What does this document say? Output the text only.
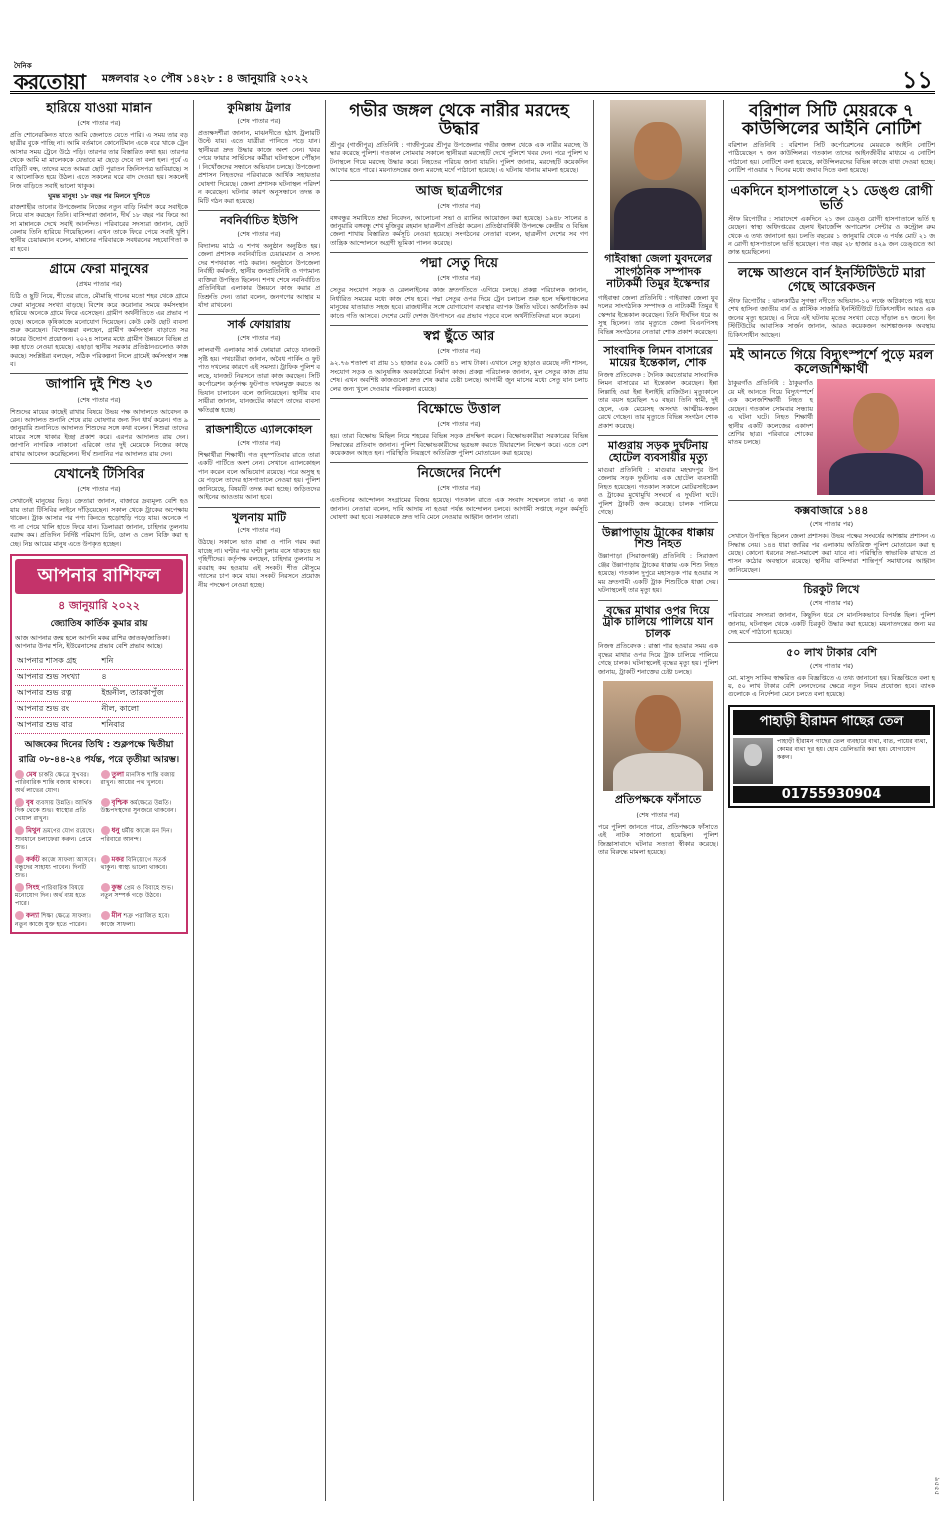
দৈনিক
করতোয়া মঙ্গলবার ২০ পৌষ ১৪২৮ : ৪ জানুয়ারি ২০২২	১১
হারিয়ে যাওয়া মান্নান
(শেষ পাতার পর)

প্রতি শোনেরকিনত যাতে আমি জেলাতে যেতে পারি। এ সময় তার বড় ছাত্রীর বুকে পাচ্ছি না। আমি বর্তমানে কোনেটিমান একে বরে খাকে ট্রেন আসার সময় ট্রেনে উঠে পড়ি। তারপর তার বিস্তারিত কথা হয়। তারপর থেকে আমি মা মালেককে যেভাবে মা ছেড়ে দেবে তা বলা হল। পূর্বে এ বাড়িটি বন্ধ, তাদের মতে আমরা ছোট পুরাতন জিনিসপত্র ভাবিয়াছে। সব আলোকিত হয়ে উঠল। এতে সকলের ঘরে বাদ দেওয়া হয়। সকলেই নিজ বাড়িতে সবাই ভালো থাকুক।

ঘুমন্ত মানুষ! ১৮ বছর পর মিলনে খুশিতে

রাজশাহীর তানোর উপজেলায় নিজের নতুন বাড়ি নির্মাণ করে সবাইকে নিয়ে বাস করছেন তিনি। বাসিন্দারা জানান, দীর্ঘ ১৮ বছর পর ফিরে আসা মান্নানকে দেখে সবাই আনন্দিত। পরিবারের সদস্যরা জানান, ছোটবেলায় তিনি হারিয়ে গিয়েছিলেন। এখন তাকে ফিরে পেয়ে সবাই খুশি। স্থানীয় চেয়ারম্যান বলেন, মান্নানের পরিবারকে সবধরনের সহযোগিতা করা হবে।

গ্রামে ফেরা মানুষের
(প্রথম পাতার পর)

চিঠি ও ছুটি নিয়ে, শীতের রাতে, মৌমাছি গানের মতো শহর থেকে গ্রামে ফেরা মানুষের সংখ্যা বাড়ছে। বিশেষ করে করোনার সময়ে কর্মসংস্থান হারিয়ে অনেকে গ্রামে ফিরে এসেছেন। গ্রামীণ অর্থনীতিতে এর প্রভাব পড়ছে। অনেকে কৃষিকাজে মনোযোগ দিয়েছেন। কেউ কেউ ছোট ব্যবসা শুরু করেছেন। বিশেষজ্ঞরা বলছেন, গ্রামীণ কর্মসংস্থান বাড়াতে সরকারের উদ্যোগ প্রয়োজন। ২০২৪ সালের মধ্যে গ্রামীণ উন্নয়নে বিভিন্ন প্রকল্প হাতে নেওয়া হয়েছে। এছাড়া স্থানীয় সরকার প্রতিষ্ঠানগুলোও কাজ করছে। সংশ্লিষ্টরা বলছেন, সঠিক পরিকল্পনা নিলে গ্রামেই কর্মসংস্থান সম্ভব।

জাপানি দুই শিশু ২৩
(শেষ পাতার পর)

শিশুদের মায়ের কাছেই রাখার বিষয়ে উভয় পক্ষ আদালতে আবেদন করেন। আদালত শুনানি শেষে রায় ঘোষণার জন্য দিন ধার্য করেন। গত ৯ জানুয়ারি শুনানিতে আদালত শিশুদের সঙ্গে কথা বলেন। শিশুরা তাদের মায়ের সঙ্গে থাকার ইচ্ছা প্রকাশ করে। এরপর আদালত রায় দেন। জাপানি নাগরিক নাকানো এরিকো তার দুই মেয়েকে নিজের কাছে রাখার আবেদন করেছিলেন। দীর্ঘ শুনানির পর আদালত রায় দেন।

যেখানেই টিসিবির
(শেষ পাতার পর)

সেখানেই মানুষের ভিড়। ক্রেতারা জানান, বাজারে দ্রব্যমূল্য বেশি হওয়ায় তারা টিসিবির লাইনে দাঁড়িয়েছেন। সকাল থেকে ট্রাকের অপেক্ষায় থাকেন। ট্রাক আসার পর পণ্য কিনতে হুড়োহুড়ি পড়ে যায়। অনেকে পণ্য না পেয়ে খালি হাতে ফিরে যান। ডিলাররা জানান, চাহিদার তুলনায় বরাদ্দ কম। প্রতিদিন নির্দিষ্ট পরিমাণ চিনি, ডাল ও তেল বিক্রি করা হচ্ছে। নিম্ন আয়ের মানুষ এতে উপকৃত হচ্ছেন।

আপনার রাশিফল
৪ জানুয়ারি ২০২২
জ্যোতিষ কার্তিক কুমার রায়

আজ আপনার জন্ম হলে আপনি মকর রাশির জাতক/জাতিকা। আপনার উপর শনি, ইউরেনাসের প্রভাব বেশি প্রভাব আছে।

আপনার শাসক গ্রহ	শনি
আপনার শুভ সংখ্যা	৪
আপনার শুভ রত্ন	ইন্দ্রনীল, তারকাপুঁজ
আপনার শুভ রং	নীল, কালো
আপনার শুভ বার	শনিবার
আজকের দিনের তিথি : শুক্লপক্ষে দ্বিতীয়া রাত্রি ০৮-৪৪-২৪ পর্যন্ত, পরে তৃতীয়া আরম্ভ।
মেষ চাকরি ক্ষেত্রে সুখবর। পারিবারিক শান্তি বজায় থাকবে। অর্থ লাভের যোগ।
তুলা মানসিক শান্তি বজায় রাখুন। আয়ের পথ খুলবে।
বৃষ ব্যবসায় উন্নতি। আর্থিক দিক থেকে শুভ। স্বাস্থ্যের প্রতি খেয়াল রাখুন।
বৃশ্চিক কর্মক্ষেত্রে উন্নতি। উচ্চপদস্থদের সুনজরে থাকবেন।
মিথুন ভ্রমণের যোগ রয়েছে। সাবধানে চলাফেরা করুন। প্রেমে শুভ।
ধনু ধর্মীয় কাজে মন দিন। পরিবারে আনন্দ।
কর্কট কাজে সাফল্য আসবে। বন্ধুদের সাহায্য পাবেন। দিনটি শুভ।
মকর বিনিয়োগে সতর্ক থাকুন। স্বাস্থ্য ভালো থাকবে।
সিংহ পারিবারিক বিষয়ে মনোযোগ দিন। অর্থ ব্যয় হতে পারে।
কুম্ভ প্রেম ও বিবাহে শুভ। নতুন সম্পর্ক গড়ে উঠবে।
কন্যা শিক্ষা ক্ষেত্রে সাফল্য। নতুন কাজে যুক্ত হতে পারেন।
মীন শত্রু পরাজিত হবে। কাজে সাফল্য।
কুমিল্লায় ট্রলার
(শেষ পাতার পর)

প্রত্যক্ষদর্শীরা জানান, মাঝনদীতে হঠাৎ ট্রলারটি উল্টে যায়। এতে যাত্রীরা পানিতে পড়ে যান। স্থানীয়রা দ্রুত উদ্ধার কাজে অংশ নেন। খবর পেয়ে ফায়ার সার্ভিসের কর্মীরা ঘটনাস্থলে পৌঁছান। নিখোঁজদের সন্ধানে অভিযান চলছে। উপজেলা প্রশাসন নিহতদের পরিবারকে আর্থিক সহায়তার ঘোষণা দিয়েছে। জেলা প্রশাসক ঘটনাস্থল পরিদর্শন করেছেন। ঘটনার কারণ অনুসন্ধানে তদন্ত কমিটি গঠন করা হয়েছে।

নবনির্বাচিত ইউপি
(শেষ পাতার পর)

বিদ্যালয় মাঠে এ শপথ অনুষ্ঠান অনুষ্ঠিত হয়। জেলা প্রশাসক নবনির্বাচিত চেয়ারম্যান ও সদস্যদের শপথবাক্য পাঠ করান। অনুষ্ঠানে উপজেলা নির্বাহী কর্মকর্তা, স্থানীয় জনপ্রতিনিধি ও গণ্যমান্য ব্যক্তিরা উপস্থিত ছিলেন। শপথ শেষে নবনির্বাচিত প্রতিনিধিরা এলাকার উন্নয়নে কাজ করার প্রতিশ্রুতি দেন। তারা বলেন, জনগণের আস্থার মর্যাদা রাখবেন।

সার্ক ফোয়ারায়
(শেষ পাতার পর)

লালবাগী এলাকার সার্ক ফোয়ারা মোড়ে যানজট সৃষ্টি হয়। পথচারীরা জানান, অবৈধ পার্কিং ও ফুটপাত দখলের কারণে এই সমস্যা। ট্রাফিক পুলিশ বলছে, যানজট নিরসনে তারা কাজ করছেন। সিটি কর্পোরেশন কর্তৃপক্ষ ফুটপাত দখলমুক্ত করতে অভিযান চালাবেন বলে জানিয়েছেন। স্থানীয় ব্যবসায়ীরা জানান, যানজটের কারণে তাদের ব্যবসা ক্ষতিগ্রস্ত হচ্ছে।

রাজশাহীতে এ্যালকোহল
(শেষ পাতার পর)

শিক্ষার্থীরা শিক্ষার্থী। গত বৃহস্পতিবার রাতে তারা একটি পার্টিতে অংশ নেন। সেখানে এ্যালকোহল পান করেন বলে অভিযোগ রয়েছে। পরে অসুস্থ হয়ে পড়লে তাদের হাসপাতালে নেওয়া হয়। পুলিশ জানিয়েছে, বিষয়টি তদন্ত করা হচ্ছে। জড়িতদের আইনের আওতায় আনা হবে।

খুলনায় মাটি
(শেষ পাতার পর)

উঠছে। সকালে ভাত রান্না ও পানি গরম করা যাচ্ছে না। ঘণ্টার পর ঘণ্টা চুলায় বসে থাকতে হয় গৃহিণীদের। কর্তৃপক্ষ বলছেন, চাহিদার তুলনায় সরবরাহ কম হওয়ায় এই সংকট। শীত মৌসুমে গ্যাসের চাপ কমে যায়। সংকট নিরসনে প্রয়োজনীয় পদক্ষেপ নেওয়া হচ্ছে।

গভীর জঙ্গল থেকে নারীর মরদেহ উদ্ধার

শ্রীপুর (গাজীপুর) প্রতিনিধি : গাজীপুরের শ্রীপুর উপজেলার গভীর জঙ্গল থেকে এক নারীর মরদেহ উদ্ধার করেছে পুলিশ। গতকাল সোমবার সকালে স্থানীয়রা মরদেহটি দেখে পুলিশে খবর দেন। পরে পুলিশ ঘটনাস্থলে গিয়ে মরদেহ উদ্ধার করে। নিহতের পরিচয় জানা যায়নি। পুলিশ জানায়, মরদেহটি কয়েকদিন আগের হতে পারে। ময়নাতদন্তের জন্য মরদেহ মর্গে পাঠানো হয়েছে। এ ঘটনায় থানায় মামলা হয়েছে।

আজ ছাত্রলীগের
(শেষ পাতার পর)

বঙ্গবন্ধুর সমাধিতে শ্রদ্ধা নিবেদন, আলোচনা সভা ও র‍্যালির আয়োজন করা হয়েছে। ১৯৪৮ সালের ৪ জানুয়ারি বঙ্গবন্ধু শেখ মুজিবুর রহমান ছাত্রলীগ প্রতিষ্ঠা করেন। প্রতিষ্ঠাবার্ষিকী উপলক্ষে কেন্দ্রীয় ও বিভিন্ন জেলা শাখায় বিস্তারিত কর্মসূচি নেওয়া হয়েছে। সংগঠনের নেতারা বলেন, ছাত্রলীগ দেশের সব গণতান্ত্রিক আন্দোলনে অগ্রণী ভূমিকা পালন করেছে।

পদ্মা সেতু দিয়ে
(শেষ পাতার পর)

সেতুর সংযোগ সড়ক ও রেললাইনের কাজ দ্রুতগতিতে এগিয়ে চলছে। প্রকল্প পরিচালক জানান, নির্ধারিত সময়ের মধ্যে কাজ শেষ হবে। পদ্মা সেতুর ওপর দিয়ে ট্রেন চলাচল শুরু হলে দক্ষিণাঞ্চলের মানুষের যাতায়াত সহজ হবে। রাজধানীর সঙ্গে যোগাযোগ ব্যবস্থার ব্যাপক উন্নতি ঘটবে। অর্থনৈতিক কর্মকাণ্ডে গতি আসবে। দেশের মোট দেশজ উৎপাদনে এর প্রভাব পড়বে বলে অর্থনীতিবিদরা মনে করেন।

স্বপ্ন ছুঁতে আর
(শেষ পাতার পর)

৯২.৭৬ শতাংশ বা প্রায় ১১ হাজার ৫০৯ কোটি ৪১ লাখ টাকা। এখানে সেতু ছাড়াও রয়েছে নদী শাসন, সংযোগ সড়ক ও আনুষঙ্গিক অবকাঠামো নির্মাণ কাজ। প্রকল্প পরিচালক জানান, মূল সেতুর কাজ প্রায় শেষ। এখন অবশিষ্ট কাজগুলো দ্রুত শেষ করার চেষ্টা চলছে। আগামী জুন মাসের মধ্যে সেতু যান চলাচলের জন্য খুলে দেওয়ার পরিকল্পনা রয়েছে।

বিক্ষোভে উত্তাল
(শেষ পাতার পর)

হয়। তারা বিক্ষোভ মিছিল নিয়ে শহরের বিভিন্ন সড়ক প্রদক্ষিণ করেন। বিক্ষোভকারীরা সরকারের বিভিন্ন সিদ্ধান্তের প্রতিবাদ জানান। পুলিশ বিক্ষোভকারীদের ছত্রভঙ্গ করতে টিয়ারশেল নিক্ষেপ করে। এতে বেশ কয়েকজন আহত হন। পরিস্থিতি নিয়ন্ত্রণে অতিরিক্ত পুলিশ মোতায়েন করা হয়েছে।

নিজেদের নির্দেশ
(শেষ পাতার পর)

এতদিনের আন্দোলন সংগ্রামের বিজয় হয়েছে। গতকাল রাতে এক সংবাদ সম্মেলনে তারা এ কথা জানান। নেতারা বলেন, দাবি আদায় না হওয়া পর্যন্ত আন্দোলন চলবে। আগামী সপ্তাহে নতুন কর্মসূচি ঘোষণা করা হবে। সরকারকে দ্রুত দাবি মেনে নেওয়ার আহ্বান জানান তারা।

গাইবান্ধা জেলা যুবদলের সাংগঠনিক সম্পাদক নাট্যকর্মী তিমুর ইস্কেন্দার

গাইবান্ধা জেলা প্রতিনিধি : গাইবান্ধা জেলা যুবদলের সাংগঠনিক সম্পাদক ও নাট্যকর্মী তিমুর ইস্কেন্দার ইন্তেকাল করেছেন। তিনি দীর্ঘদিন ধরে অসুস্থ ছিলেন। তার মৃত্যুতে জেলা বিএনপিসহ বিভিন্ন সংগঠনের নেতারা শোক প্রকাশ করেছেন।

সাংবাদিক লিমন বাসারের মায়ের ইন্তেকাল, শোক

নিজস্ব প্রতিবেদক : দৈনিক করতোয়ার সাংবাদিক লিমন বাসারের মা ইন্তেকাল করেছেন। ইন্না লিল্লাহি ওয়া ইন্না ইলাইহি রাজিউন। মৃত্যুকালে তার বয়স হয়েছিল ৭০ বছর। তিনি স্বামী, দুই ছেলে, এক মেয়েসহ অসংখ্য আত্মীয়-স্বজন রেখে গেছেন। তার মৃত্যুতে বিভিন্ন সংগঠন শোক প্রকাশ করেছে।

মাগুরায় সড়ক দুর্ঘটনায় হোটেল ব্যবসায়ীর মৃত্যু

মাগুরা প্রতিনিধি : মাগুরার মহম্মদপুর উপজেলায় সড়ক দুর্ঘটনায় এক হোটেল ব্যবসায়ী নিহত হয়েছেন। গতকাল সকালে মোটরসাইকেল ও ট্রাকের মুখোমুখি সংঘর্ষে এ দুর্ঘটনা ঘটে। পুলিশ ট্রাকটি জব্দ করেছে। চালক পালিয়ে গেছে।

উল্লাপাড়ায় ট্রাকের ধাক্কায় শিশু নিহত

উল্লাপাড়া (সিরাজগঞ্জ) প্রতিনিধি : সিরাজগঞ্জের উল্লাপাড়ায় ট্রাকের ধাক্কায় এক শিশু নিহত হয়েছে। গতকাল দুপুরে মহাসড়ক পার হওয়ার সময় দ্রুতগামী একটি ট্রাক শিশুটিকে ধাক্কা দেয়। ঘটনাস্থলেই তার মৃত্যু হয়।

বৃদ্ধের মাথার ওপর দিয়ে ট্রাক চালিয়ে পালিয়ে যান চালক

নিজস্ব প্রতিবেদক : রাস্তা পার হওয়ার সময় এক বৃদ্ধের মাথার ওপর দিয়ে ট্রাক চালিয়ে পালিয়ে গেছে চালক। ঘটনাস্থলেই বৃদ্ধের মৃত্যু হয়। পুলিশ জানায়, ট্রাকটি শনাক্তের চেষ্টা চলছে।

প্রতিপক্ষকে ফাঁসাতে
(শেষ পাতার পর)

পরে পুলিশ জানতে পারে, প্রতিপক্ষকে ফাঁসাতে এই নাটক সাজানো হয়েছিল। পুলিশ জিজ্ঞাসাবাদে ঘটনার সত্যতা স্বীকার করেছে। তার বিরুদ্ধে মামলা হয়েছে।

বরিশাল সিটি মেয়রকে ৭ কাউন্সিলের আইনি নোটিশ

বরিশাল প্রতিনিধি : বরিশাল সিটি কর্পোরেশনের মেয়রকে আইনি নোটিশ পাঠিয়েছেন ৭ জন কাউন্সিলর। গতকাল তাদের আইনজীবীর মাধ্যমে এ নোটিশ পাঠানো হয়। নোটিশে বলা হয়েছে, কাউন্সিলরদের বিভিন্ন কাজে বাধা দেওয়া হচ্ছে। নোটিশ পাওয়ার ৭ দিনের মধ্যে জবাব দিতে বলা হয়েছে।

একদিনে হাসপাতালে ২১ ডেঙ্গু রোগী ভর্তি

স্টাফ রিপোর্টার : সারাদেশে একদিনে ২১ জন ডেঙ্গু রোগী হাসপাতালে ভর্তি হয়েছেন। স্বাস্থ্য অধিদপ্তরের হেলথ ইমার্জেন্সি অপারেশন সেন্টার ও কন্ট্রোল রুম থেকে এ তথ্য জানানো হয়। চলতি বছরের ১ জানুয়ারি থেকে এ পর্যন্ত মোট ২১ জন রোগী হাসপাতালে ভর্তি হয়েছেন। গত বছর ২৮ হাজার ৪২৯ জন ডেঙ্গুতে আক্রান্ত হয়েছিলেন।

লক্ষে আগুনে বার্ন ইনস্টিটিউটে মারা গেছে আরেকজন

স্টাফ রিপোর্টার : ঝালকাঠির সুগন্ধা নদীতে অভিযান-১০ লঞ্চে অগ্নিকাণ্ডে দগ্ধ হয়ে শেখ হাসিনা জাতীয় বার্ন ও প্লাস্টিক সার্জারি ইনস্টিটিউটে চিকিৎসাধীন আরও একজনের মৃত্যু হয়েছে। এ নিয়ে এই ঘটনায় মৃতের সংখ্যা বেড়ে দাঁড়াল ৪৭ জনে। ইনস্টিটিউটের আবাসিক সার্জন জানান, আরও কয়েকজন আশঙ্কাজনক অবস্থায় চিকিৎসাধীন আছেন।

মই আনতে গিয়ে বিদ্যুৎস্পর্শে পুড়ে মরল কলেজশিক্ষার্থী

ঠাকুরগাঁও প্রতিনিধি : ঠাকুরগাঁওয়ে মই আনতে গিয়ে বিদ্যুৎস্পর্শে এক কলেজশিক্ষার্থী নিহত হয়েছেন। গতকাল সোমবার সন্ধ্যায় এ ঘটনা ঘটে। নিহত শিক্ষার্থী স্থানীয় একটি কলেজের একাদশ শ্রেণির ছাত্র। পরিবারে শোকের মাতম চলছে।

কক্সবাজারে ১৪৪
(শেষ পাতার পর)

সেখানে উপস্থিত ছিলেন জেলা প্রশাসক। উভয় পক্ষের সংঘর্ষের আশঙ্কায় প্রশাসন এ সিদ্ধান্ত নেয়। ১৪৪ ধারা জারির পর এলাকায় অতিরিক্ত পুলিশ মোতায়েন করা হয়েছে। কোনো ধরনের সভা-সমাবেশ করা যাবে না। পরিস্থিতি স্বাভাবিক রাখতে প্রশাসন কঠোর অবস্থানে রয়েছে। স্থানীয় বাসিন্দারা শান্তিপূর্ণ সমাধানের আহ্বান জানিয়েছেন।

চিরকুট লিখে
(শেষ পাতার পর)

পরিবারের সদস্যরা জানান, কিছুদিন ধরে সে মানসিকভাবে বিপর্যস্ত ছিল। পুলিশ জানায়, ঘটনাস্থল থেকে একটি চিরকুট উদ্ধার করা হয়েছে। ময়নাতদন্তের জন্য মরদেহ মর্গে পাঠানো হয়েছে।

৫০ লাখ টাকার বেশি
(শেষ পাতার পর)

মো. মাসুদ সাকিব স্বাক্ষরিত এক বিজ্ঞপ্তিতে এ তথ্য জানানো হয়। বিজ্ঞপ্তিতে বলা হয়, ৫০ লাখ টাকার বেশি লেনদেনের ক্ষেত্রে নতুন নিয়ম প্রযোজ্য হবে। ব্যাংকগুলোকে এ নির্দেশনা মেনে চলতে বলা হয়েছে।

পাহাড়ী হীরামন গাছের তেল

পাহাড়ী হীরামন গাছের তেল ব্যবহারে ব্যথা, বাত, পায়ের ব্যথা, কোমর ব্যথা দূর হয়। হোম ডেলিভারি করা হয়। যোগাযোগ করুন।

01755930904
৯৫৫৫
